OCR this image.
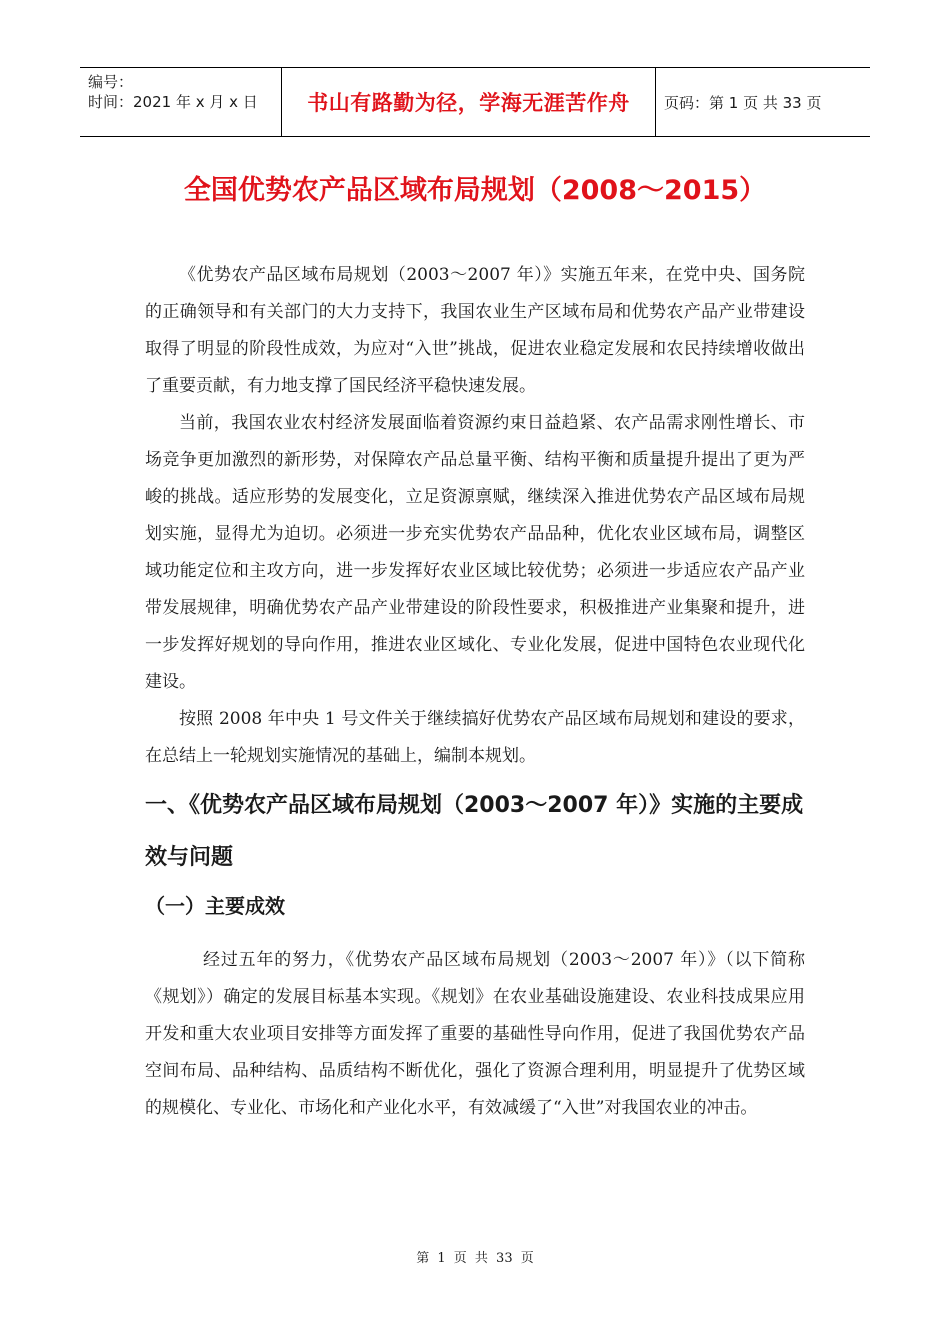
编号：
时间：2021 年 x 月 x 日	书山有路勤为径，学海无涯苦作舟	页码：第 1 页 共 33 页
全国优势农产品区域布局规划（2008～2015）

《优势农产品区域布局规划（2003～2007 年）》实施五年来，在党中央、国务院的正确领导和有关部门的大力支持下，我国农业生产区域布局和优势农产品产业带建设取得了明显的阶段性成效，为应对“入世”挑战，促进农业稳定发展和农民持续增收做出了重要贡献，有力地支撑了国民经济平稳快速发展。

当前，我国农业农村经济发展面临着资源约束日益趋紧、农产品需求刚性增长、市场竞争更加激烈的新形势，对保障农产品总量平衡、结构平衡和质量提升提出了更为严峻的挑战。适应形势的发展变化，立足资源禀赋，继续深入推进优势农产品区域布局规划实施，显得尤为迫切。必须进一步充实优势农产品品种，优化农业区域布局，调整区域功能定位和主攻方向，进一步发挥好农业区域比较优势；必须进一步适应农产品产业带发展规律，明确优势农产品产业带建设的阶段性要求，积极推进产业集聚和提升，进一步发挥好规划的导向作用，推进农业区域化、专业化发展，促进中国特色农业现代化建设。

按照 2008 年中央 1 号文件关于继续搞好优势农产品区域布局规划和建设的要求，在总结上一轮规划实施情况的基础上，编制本规划。

一、《优势农产品区域布局规划（2003～2007 年）》实施的主要成效与问题
（一）主要成效

经过五年的努力，《优势农产品区域布局规划（2003～2007 年）》（以下简称《规划》）确定的发展目标基本实现。《规划》在农业基础设施建设、农业科技成果应用开发和重大农业项目安排等方面发挥了重要的基础性导向作用，促进了我国优势农产品空间布局、品种结构、品质结构不断优化，强化了资源合理利用，明显提升了优势区域的规模化、专业化、市场化和产业化水平，有效减缓了“入世”对我国农业的冲击。

第 1 页 共 33 页
